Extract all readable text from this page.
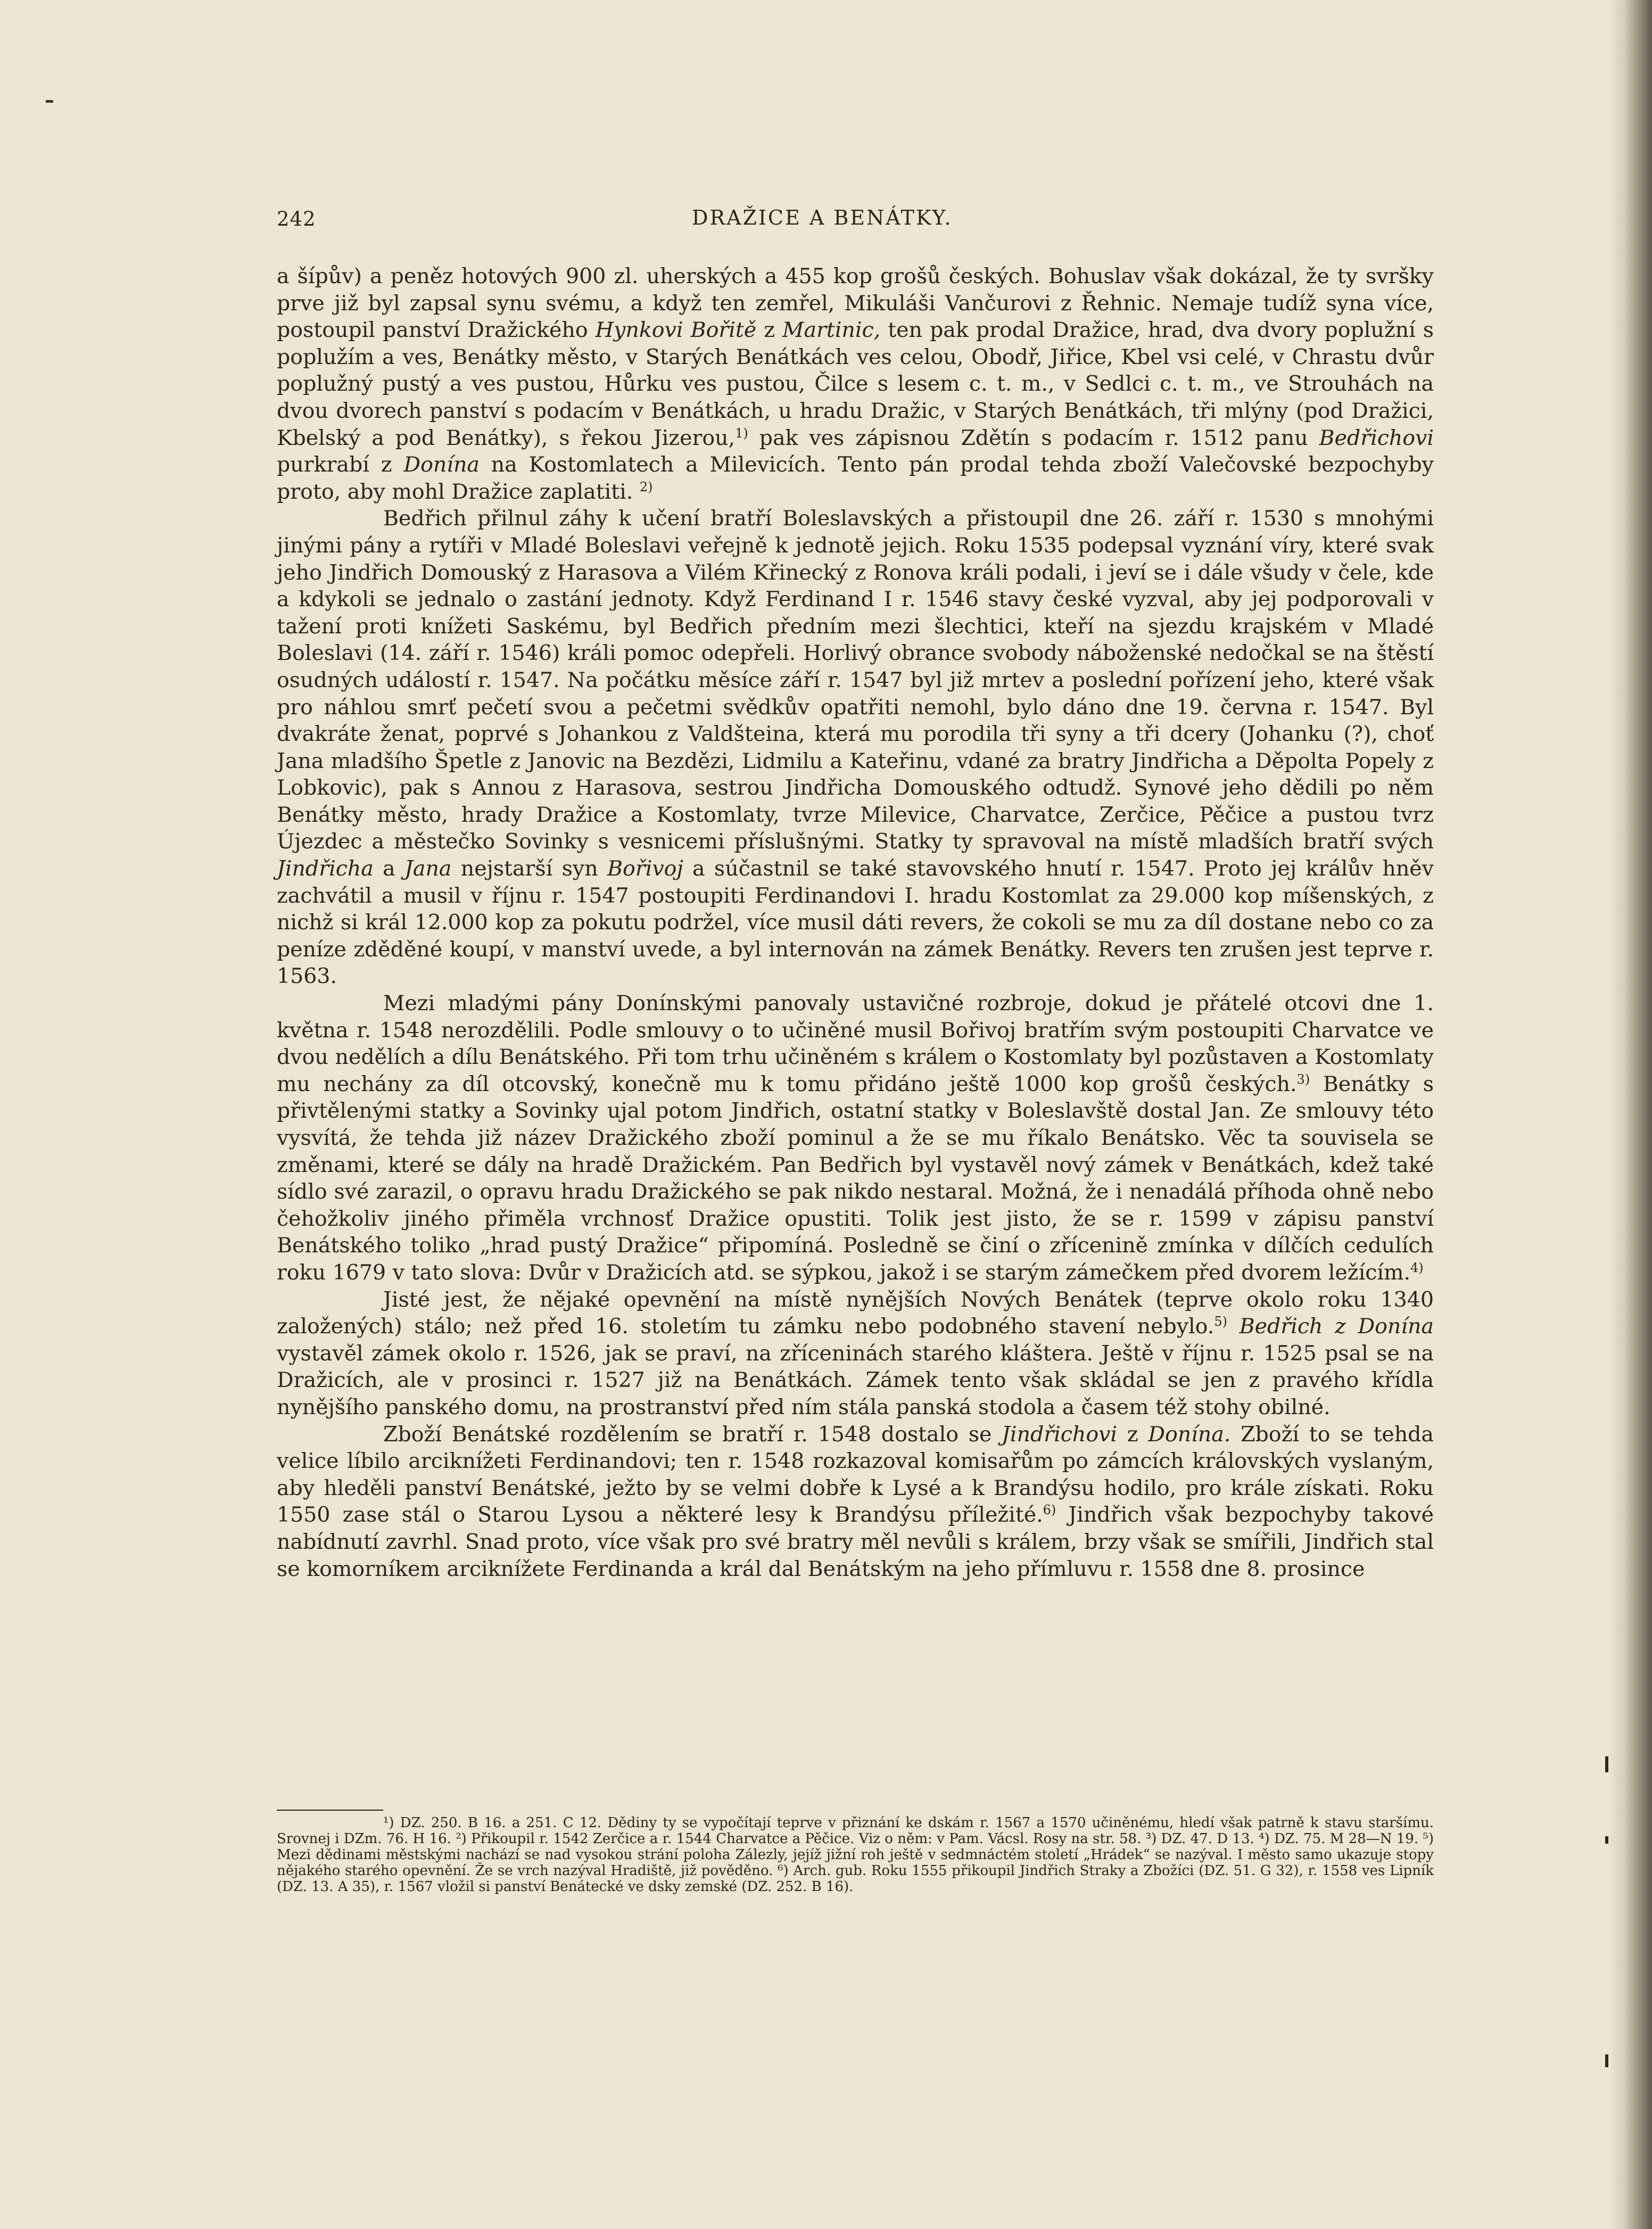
242	DRAŽICE A BENÁTKY.

a šípův) a peněz hotových 900 zl. uherských a 455 kop grošů českých. Bohuslav však dokázal, že ty svršky prve již byl zapsal synu svému, a když ten zemřel, Mikuláši Vančurovi z Řehnic. Nemaje tudíž syna více, postoupil panství Dražického Hynkovi Bořitě z Martinic, ten pak prodal Dražice, hrad, dva dvory poplužní s poplužím a ves, Benátky město, v Starých Benátkách ves celou, Obodř, Jiřice, Kbel vsi celé, v Chrastu dvůr poplužný pustý a ves pustou, Hůrku ves pustou, Čilce s lesem c. t. m., v Sedlci c. t. m., ve Strouhách na dvou dvorech panství s podacím v Benátkách, u hradu Dražic, v Starých Benátkách, tři mlýny (pod Dražici, Kbelský a pod Benátky), s řekou Jizerou,$^{1)}$ pak ves zápisnou Zdětín s podacím r. 1512 panu Bedřichovi purkrabí z Donína na Kostomlatech a Milevicích. Tento pán prodal tehda zboží Valečovské bezpochyby proto, aby mohl Dražice zaplatiti. $^{2)}$

Bedřich přilnul záhy k učení bratří Boleslavských a přistoupil dne 26. září r. 1530 s mnohými jinými pány a rytíři v Mladé Boleslavi veřejně k jednotě jejich. Roku 1535 podepsal vyznání víry, které svak jeho Jindřich Domouský z Harasova a Vilém Křinecký z Ronova králi podali, i jeví se i dále všudy v čele, kde a kdykoli se jednalo o zastání jednoty. Když Ferdinand I r. 1546 stavy české vyzval, aby jej podporovali v tažení proti knížeti Saskému, byl Bedřich předním mezi šlechtici, kteří na sjezdu krajském v Mladé Boleslavi (14. září r. 1546) králi pomoc odepřeli. Horlivý obrance svobody náboženské nedočkal se na štěstí osudných událostí r. 1547. Na počátku měsíce září r. 1547 byl již mrtev a poslední pořízení jeho, které však pro náhlou smrť pečetí svou a pečetmi svědkův opatřiti nemohl, bylo dáno dne 19. června r. 1547. Byl dvakráte ženat, poprvé s Johankou z Valdšteina, která mu porodila tři syny a tři dcery (Johanku (?), choť Jana mladšího Špetle z Janovic na Bezdězi, Lidmilu a Kateřinu, vdané za bratry Jindřicha a Děpolta Popely z Lobkovic), pak s Annou z Harasova, sestrou Jindřicha Domouského odtudž. Synové jeho dědili po něm Benátky město, hrady Dražice a Kostomlaty, tvrze Milevice, Charvatce, Zerčice, Pěčice a pustou tvrz Újezdec a městečko Sovinky s vesnicemi příslušnými. Statky ty spravoval na místě mladších bratří svých Jindřicha a Jana nejstarší syn Bořivoj a súčastnil se také stavovského hnutí r. 1547. Proto jej králův hněv zachvátil a musil v říjnu r. 1547 postoupiti Ferdinandovi I. hradu Kostomlat za 29.000 kop míšenských, z nichž si král 12.000 kop za pokutu podržel, více musil dáti revers, že cokoli se mu za díl dostane nebo co za peníze zděděné koupí, v manství uvede, a byl internován na zámek Benátky. Revers ten zrušen jest teprve r. 1563.

Mezi mladými pány Donínskými panovaly ustavičné rozbroje, dokud je přátelé otcovi dne 1. května r. 1548 nerozdělili. Podle smlouvy o to učiněné musil Bořivoj bratřím svým postoupiti Charvatce ve dvou nedělích a dílu Benátského. Při tom trhu učiněném s králem o Kostomlaty byl pozůstaven a Kostomlaty mu nechány za díl otcovský, konečně mu k tomu přidáno ještě 1000 kop grošů českých.$^{3)}$ Benátky s přivtělenými statky a Sovinky ujal potom Jindřich, ostatní statky v Boleslavště dostal Jan. Ze smlouvy této vysvítá, že tehda již název Dražického zboží pominul a že se mu říkalo Benátsko. Věc ta souvisela se změnami, které se dály na hradě Dražickém. Pan Bedřich byl vystavěl nový zámek v Benátkách, kdež také sídlo své zarazil, o opravu hradu Dražického se pak nikdo nestaral. Možná, že i nenadálá příhoda ohně nebo čehožkoliv jiného přiměla vrchnosť Dražice opustiti. Tolik jest jisto, že se r. 1599 v zápisu panství Benátského toliko „hrad pustý Dražice“ připomíná. Posledně se činí o zřícenině zmínka v dílčích cedulích roku 1679 v tato slova: Dvůr v Dražicích atd. se sýpkou, jakož i se starým zámečkem před dvorem ležícím.$^{4)}$

Jisté jest, že nějaké opevnění na místě nynějších Nových Benátek (teprve okolo roku 1340 založených) stálo; než před 16. stoletím tu zámku nebo podobného stavení nebylo.$^{5)}$ Bedřich z Donína vystavěl zámek okolo r. 1526, jak se praví, na zříceninách starého kláštera. Ještě v říjnu r. 1525 psal se na Dražicích, ale v prosinci r. 1527 již na Benátkách. Zámek tento však skládal se jen z pravého křídla nynějšího panského domu, na prostranství před ním stála panská stodola a časem též stohy obilné.

Zboží Benátské rozdělením se bratří r. 1548 dostalo se Jindřichovi z Donína. Zboží to se tehda velice líbilo arciknížeti Ferdinandovi; ten r. 1548 rozkazoval komisařům po zámcích královských vyslaným, aby hleděli panství Benátské, ježto by se velmi dobře k Lysé a k Brandýsu hodilo, pro krále získati. Roku 1550 zase stál o Starou Lysou a některé lesy k Brandýsu příležité.$^{6)}$ Jindřich však bezpochyby takové nabídnutí zavrhl. Snad proto, více však pro své bratry měl nevůli s králem, brzy však se smířili, Jindřich stal se komorníkem arciknížete Ferdinanda a král dal Benátským na jeho přímluvu r. 1558 dne 8. prosince

¹) DZ. 250. B 16. a 251. C 12. Dědiny ty se vypočítají teprve v přiznání ke dskám r. 1567 a 1570 učiněnému, hledí však patrně k stavu staršímu. Srovnej i DZm. 76. H 16. ²) Přikoupil r. 1542 Zerčice a r. 1544 Charvatce a Pěčice. Viz o něm: v Pam. Vácsl. Rosy na str. 58. ³) DZ. 47. D 13. ⁴) DZ. 75. M 28—N 19. ⁵) Mezi dědinami městskými nachází se nad vysokou strání poloha Zálezly, jejíž jižní roh ještě v sedmnáctém století „Hrádek“ se nazýval. I město samo ukazuje stopy nějakého starého opevnění. Že se vrch nazýval Hradiště, již pověděno. ⁶) Arch. gub. Roku 1555 přikoupil Jindřich Straky a Zbožíci (DZ. 51. G 32), r. 1558 ves Lipník (DZ. 13. A 35), r. 1567 vložil si panství Benátecké ve dsky zemské (DZ. 252. B 16).
